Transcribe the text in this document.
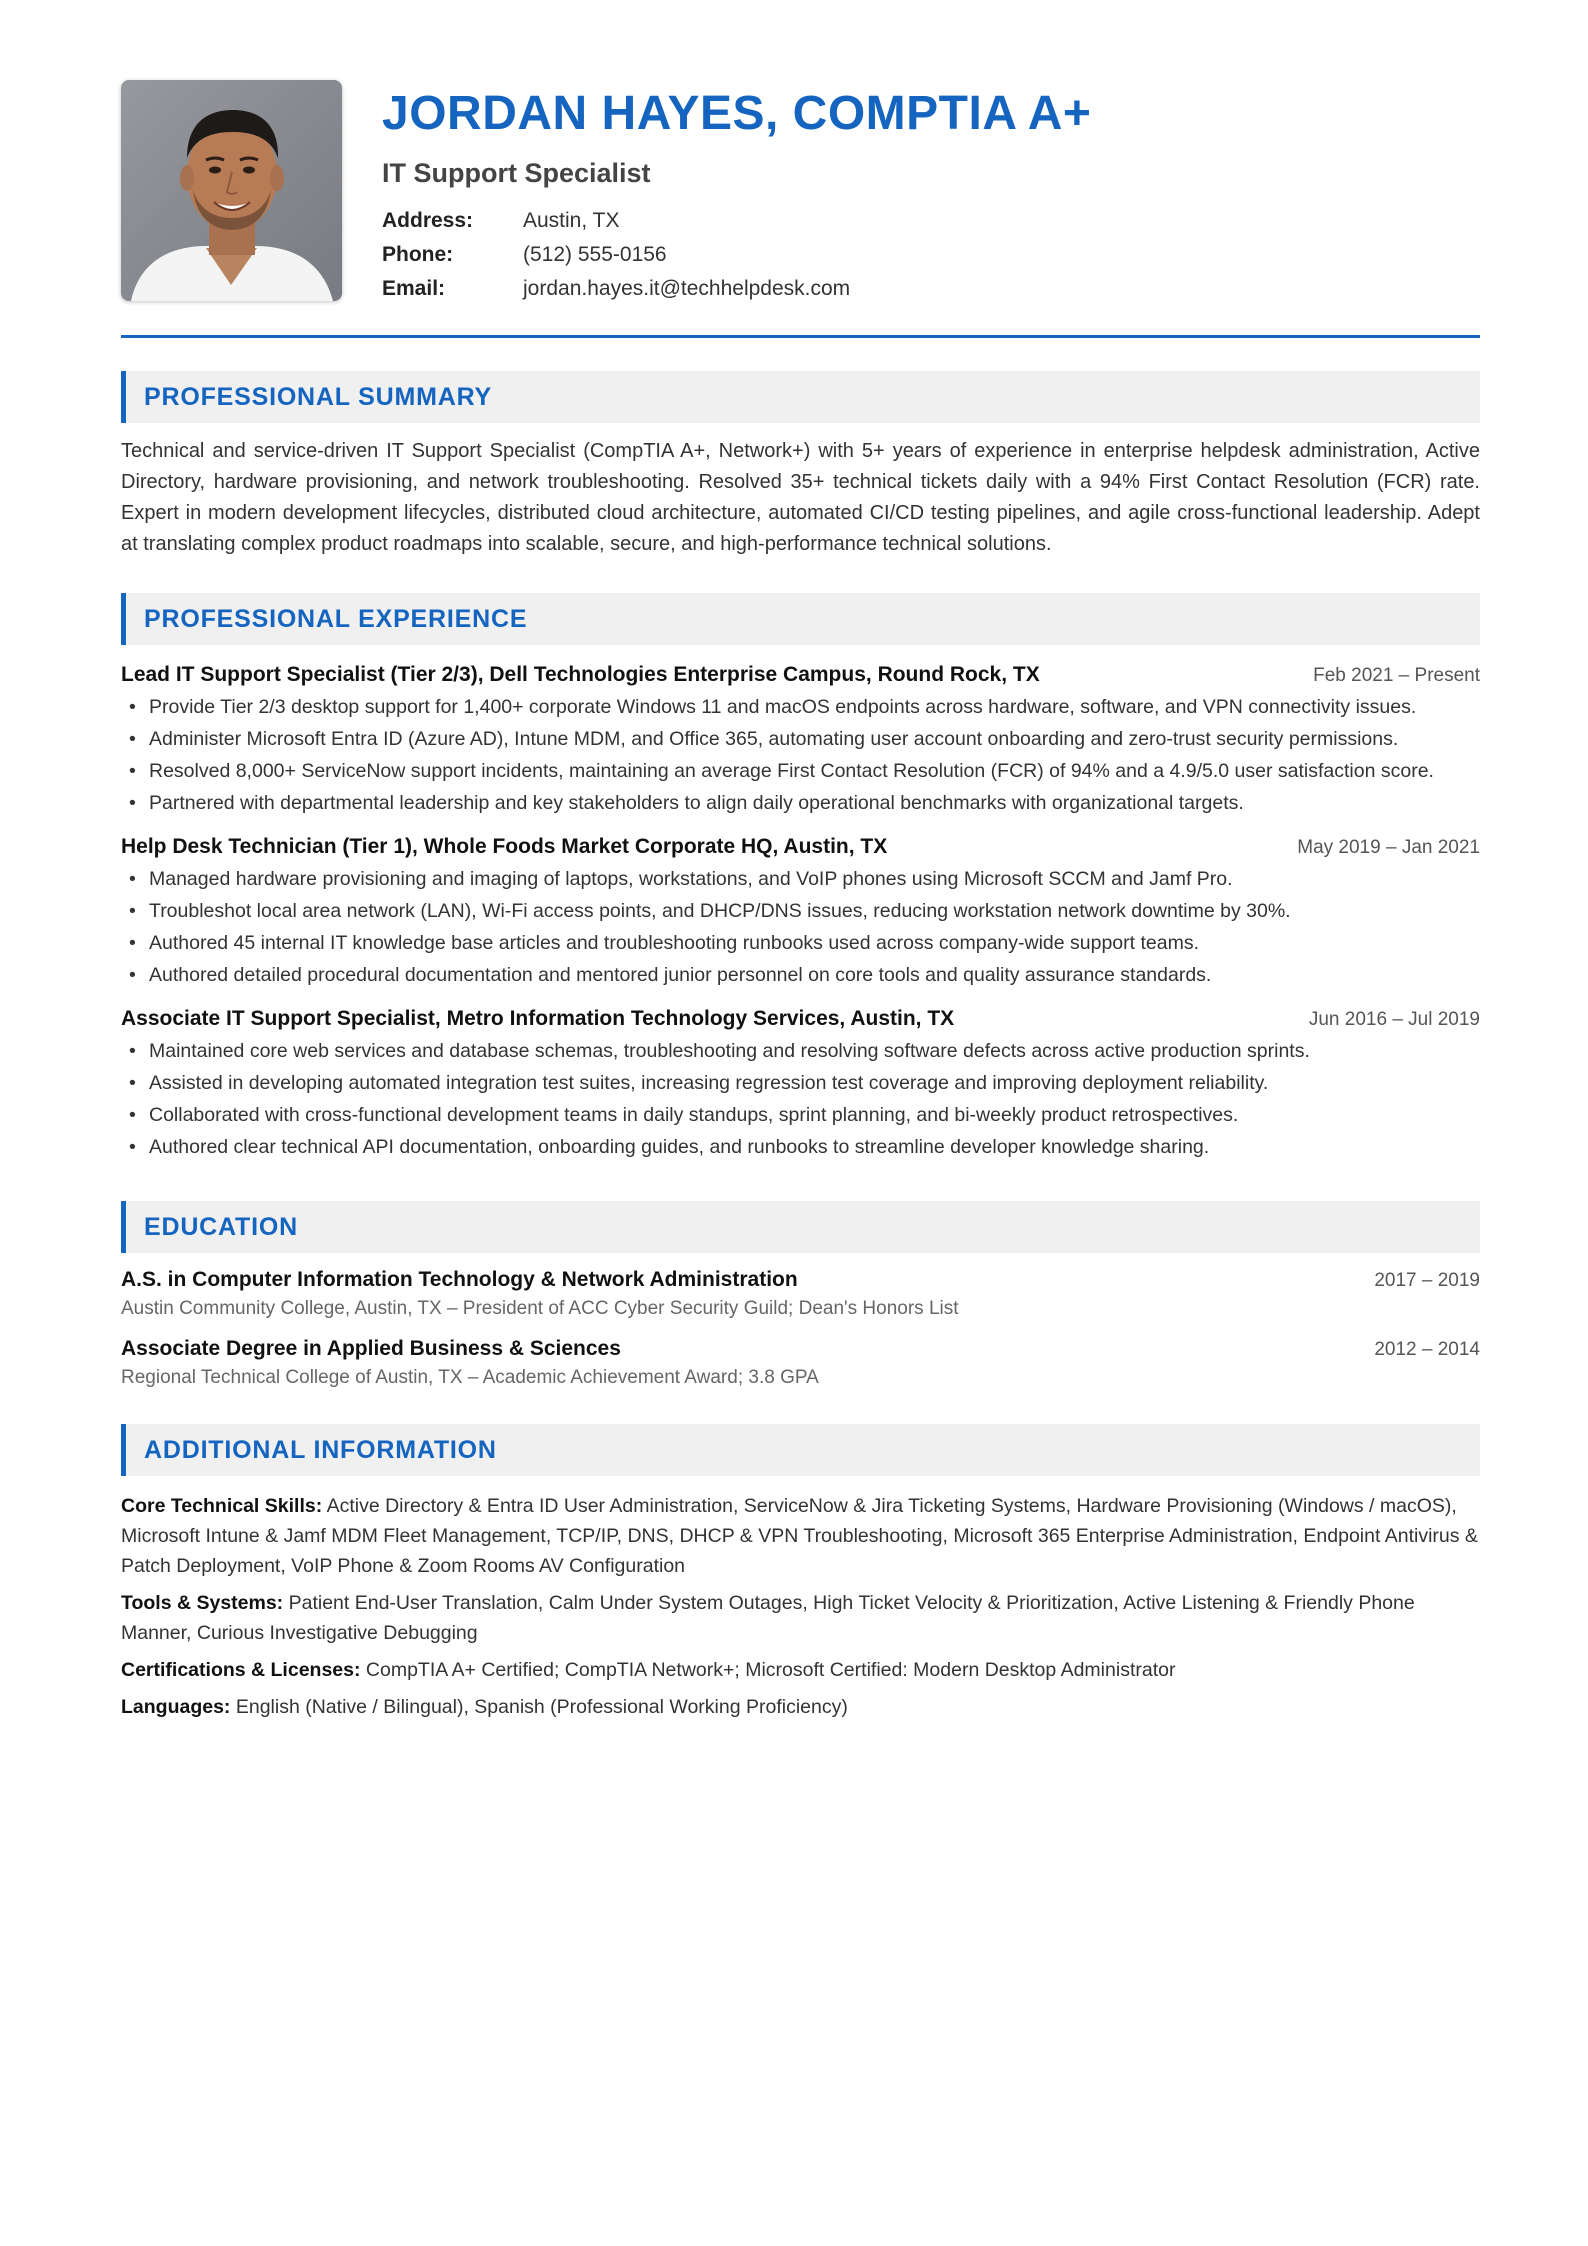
JORDAN HAYES, COMPTIA A+
IT Support Specialist
Address:	Austin, TX
Phone:	(512) 555-0156
Email:	jordan.hayes.it@techhelpdesk.com
PROFESSIONAL SUMMARY

Technical and service-driven IT Support Specialist (CompTIA A+, Network+) with 5+ years of experience in enterprise helpdesk administration, Active Directory, hardware provisioning, and network troubleshooting. Resolved 35+ technical tickets daily with a 94% First Contact Resolution (FCR) rate. Expert in modern development lifecycles, distributed cloud architecture, automated CI/CD testing pipelines, and agile cross-functional leadership. Adept at translating complex product roadmaps into scalable, secure, and high-performance technical solutions.

PROFESSIONAL EXPERIENCE
Lead IT Support Specialist (Tier 2/3), Dell Technologies Enterprise Campus, Round Rock, TX	Feb 2021 – Present
• Provide Tier 2/3 desktop support for 1,400+ corporate Windows 11 and macOS endpoints across hardware, software, and VPN connectivity issues.
• Administer Microsoft Entra ID (Azure AD), Intune MDM, and Office 365, automating user account onboarding and zero-trust security permissions.
• Resolved 8,000+ ServiceNow support incidents, maintaining an average First Contact Resolution (FCR) of 94% and a 4.9/5.0 user satisfaction score.
• Partnered with departmental leadership and key stakeholders to align daily operational benchmarks with organizational targets.
Help Desk Technician (Tier 1), Whole Foods Market Corporate HQ, Austin, TX	May 2019 – Jan 2021
• Managed hardware provisioning and imaging of laptops, workstations, and VoIP phones using Microsoft SCCM and Jamf Pro.
• Troubleshot local area network (LAN), Wi-Fi access points, and DHCP/DNS issues, reducing workstation network downtime by 30%.
• Authored 45 internal IT knowledge base articles and troubleshooting runbooks used across company-wide support teams.
• Authored detailed procedural documentation and mentored junior personnel on core tools and quality assurance standards.
Associate IT Support Specialist, Metro Information Technology Services, Austin, TX	Jun 2016 – Jul 2019
• Maintained core web services and database schemas, troubleshooting and resolving software defects across active production sprints.
• Assisted in developing automated integration test suites, increasing regression test coverage and improving deployment reliability.
• Collaborated with cross-functional development teams in daily standups, sprint planning, and bi-weekly product retrospectives.
• Authored clear technical API documentation, onboarding guides, and runbooks to streamline developer knowledge sharing.
EDUCATION
A.S. in Computer Information Technology & Network Administration	2017 – 2019
Austin Community College, Austin, TX – President of ACC Cyber Security Guild; Dean's Honors List
Associate Degree in Applied Business & Sciences	2012 – 2014
Regional Technical College of Austin, TX – Academic Achievement Award; 3.8 GPA
ADDITIONAL INFORMATION

Core Technical Skills: Active Directory & Entra ID User Administration, ServiceNow & Jira Ticketing Systems, Hardware Provisioning (Windows / macOS), Microsoft Intune & Jamf MDM Fleet Management, TCP/IP, DNS, DHCP & VPN Troubleshooting, Microsoft 365 Enterprise Administration, Endpoint Antivirus & Patch Deployment, VoIP Phone & Zoom Rooms AV Configuration

Tools & Systems: Patient End-User Translation, Calm Under System Outages, High Ticket Velocity & Prioritization, Active Listening & Friendly Phone Manner, Curious Investigative Debugging

Certifications & Licenses: CompTIA A+ Certified; CompTIA Network+; Microsoft Certified: Modern Desktop Administrator

Languages: English (Native / Bilingual), Spanish (Professional Working Proficiency)
